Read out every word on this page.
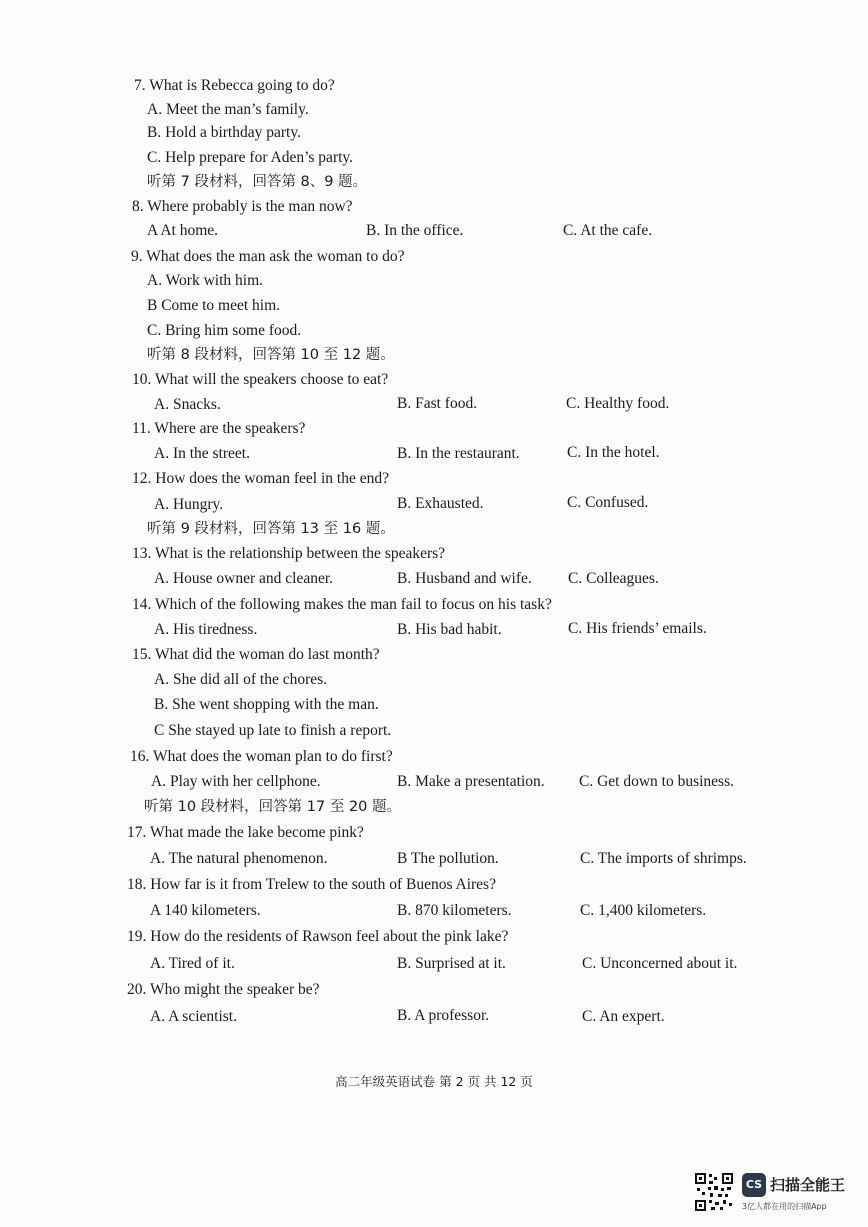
7. What is Rebecca going to do?
A. Meet the man’s family.
B. Hold a birthday party.
C. Help prepare for Aden’s party.
8. Where probably is the man now?
A At home.	B. In the office.	C. At the cafe.
9. What does the man ask the woman to do?
A. Work with him.
B Come to meet him.
C. Bring him some food.
10. What will the speakers choose to eat?
A. Snacks.	B. Fast food.	C. Healthy food.
11. Where are the speakers?
A. In the street.	B. In the restaurant.	C. In the hotel.
12. How does the woman feel in the end?
A. Hungry.	B. Exhausted.	C. Confused.
13. What is the relationship between the speakers?
A. House owner and cleaner.	B. Husband and wife. C. Colleagues.
14. Which of the following makes the man fail to focus on his task?
A. His tiredness.	B. His bad habit.	C. His friends’ emails.
15. What did the woman do last month?
A. She did all of the chores.
B. She went shopping with the man.
C She stayed up late to finish a report.
16. What does the woman plan to do first?
A. Play with her cellphone.	B. Make a presentation. C. Get down to business.
17. What made the lake become pink?
A. The natural phenomenon.	B The pollution.	C. The imports of shrimps.
18. How far is it from Trelew to the south of Buenos Aires?
A 140 kilometers.	B. 870 kilometers.	C. 1,400 kilometers.
19. How do the residents of Rawson feel about the pink lake?
A. Tired of it.	B. Surprised at it.	C. Unconcerned about it.
20. Who might the speaker be?
A. A scientist.	B. A professor.	C. An expert.
听第 7 段材料，回答第 8、9 题。
听第 8 段材料，回答第 10 至 12 题。
听第 9 段材料，回答第 13 至 16 题。
听第 10 段材料，回答第 17 至 20 题。
高二年级英语试卷 第 2 页 共 12 页
CS 扫描全能王
3亿人都在用的扫描App
